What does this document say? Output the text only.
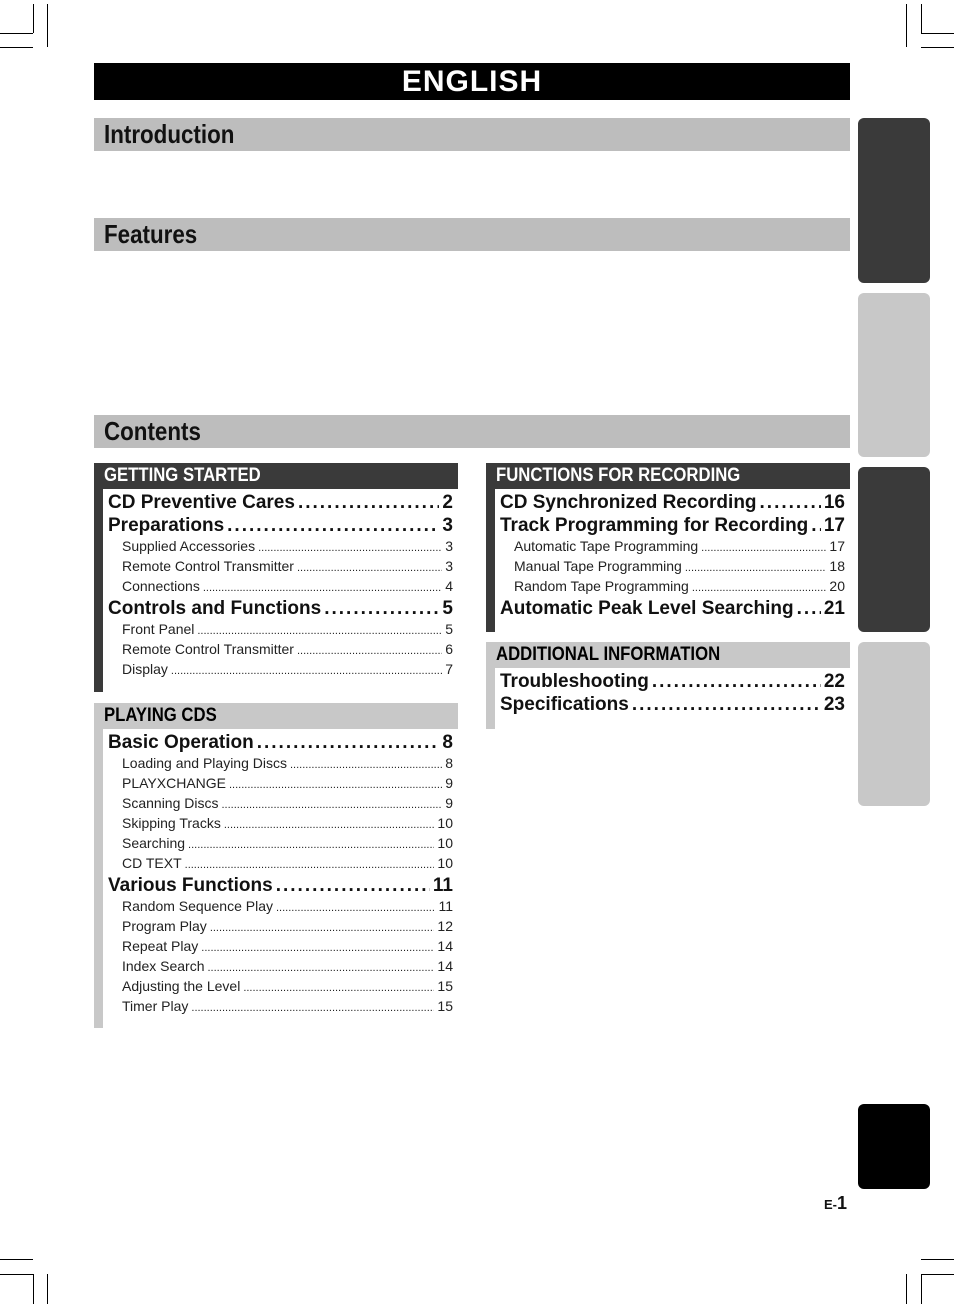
ENGLISH
Introduction
Features
Contents
GETTING STARTED
CD Preventive Cares .....	2
Preparations .....	3
Supplied Accessories .....	3
Remote Control Transmitter .....	3
Connections .....	4
Controls and Functions .....	5
Front Panel .....	5
Remote Control Transmitter .....	6
Display .....	7
PLAYING CDS
Basic Operation .....	8
Loading and Playing Discs .....	8
PLAYXCHANGE .....	9
Scanning Discs .....	9
Skipping Tracks .....	10
Searching .....	10
CD TEXT .....	10
Various Functions .....	11
Random Sequence Play .....	11
Program Play .....	12
Repeat Play .....	14
Index Search .....	14
Adjusting the Level .....	15
Timer Play .....	15
FUNCTIONS FOR RECORDING
CD Synchronized Recording .....	16
Track Programming for Recording ..... 17
Automatic Tape Programming .....	17
Manual Tape Programming .....	18
Random Tape Programming .....	20
Automatic Peak Level Searching ..... 21
ADDITIONAL INFORMATION
Troubleshooting .....	22
Specifications .....	23
E-1
